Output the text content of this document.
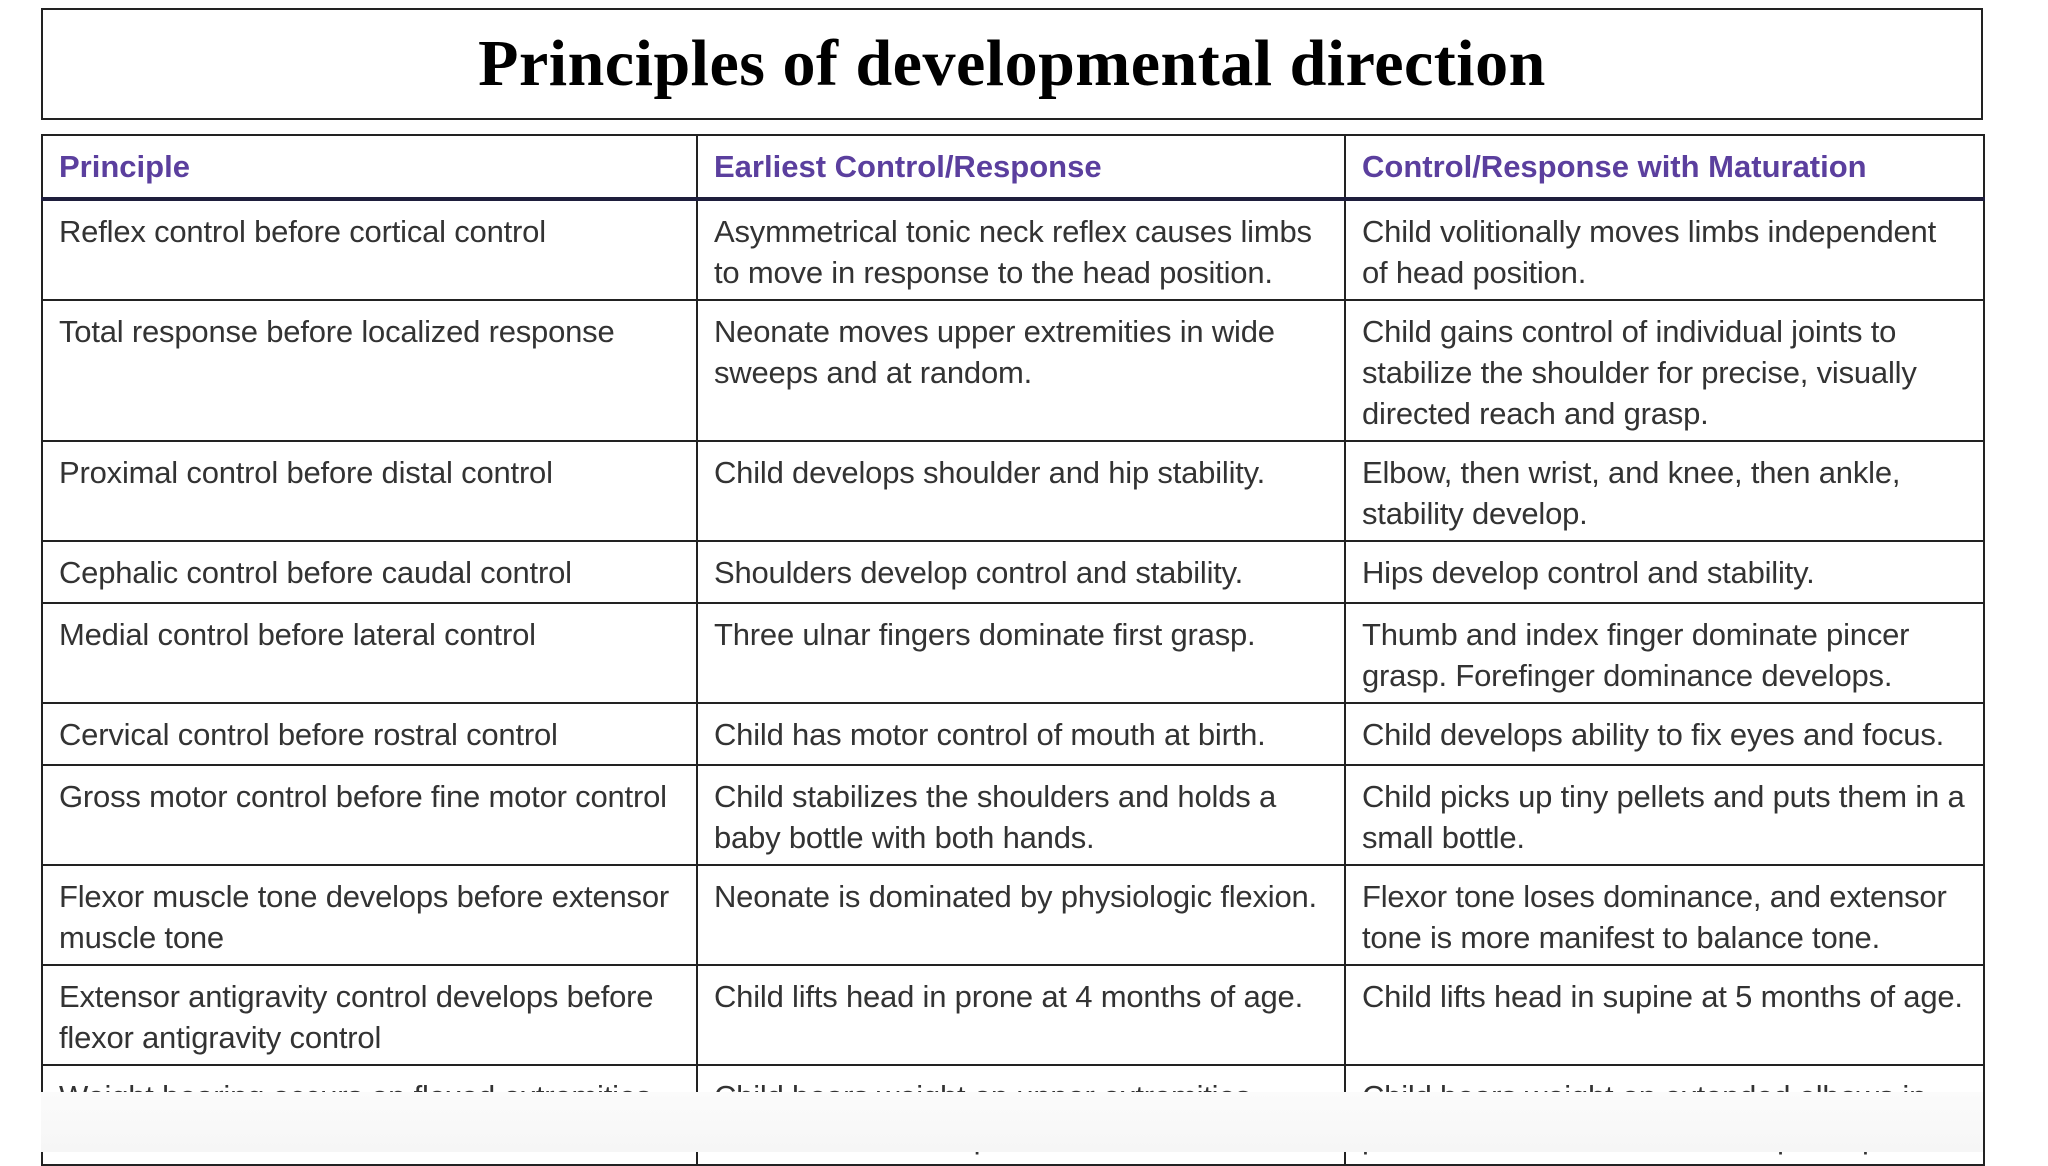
Principles of developmental direction
Principle	Earliest Control/Response	Control/Response with Maturation
Reflex control before cortical control	Asymmetrical tonic neck reflex causes limbs to move in response to the head position.	Child volitionally moves limbs independent of head position.
Total response before localized response	Neonate moves upper extremities in wide sweeps and at random.	Child gains control of individual joints to stabilize the shoulder for precise, visually directed reach and grasp.
Proximal control before distal control	Child develops shoulder and hip stability.	Elbow, then wrist, and knee, then ankle, stability develop.
Cephalic control before caudal control	Shoulders develop control and stability.	Hips develop control and stability.
Medial control before lateral control	Three ulnar fingers dominate first grasp.	Thumb and index finger dominate pincer grasp. Forefinger dominance develops.
Cervical control before rostral control	Child has motor control of mouth at birth.	Child develops ability to fix eyes and focus.
Gross motor control before fine motor control	Child stabilizes the shoulders and holds a baby bottle with both hands.	Child picks up tiny pellets and puts them in a small bottle.
Flexor muscle tone develops before extensor muscle tone	Neonate is dominated by physiologic flexion.	Flexor tone loses dominance, and extensor tone is more manifest to balance tone.
Extensor antigravity control develops before flexor antigravity control	Child lifts head in prone at 4 months of age.	Child lifts head in supine at 5 months of age.
